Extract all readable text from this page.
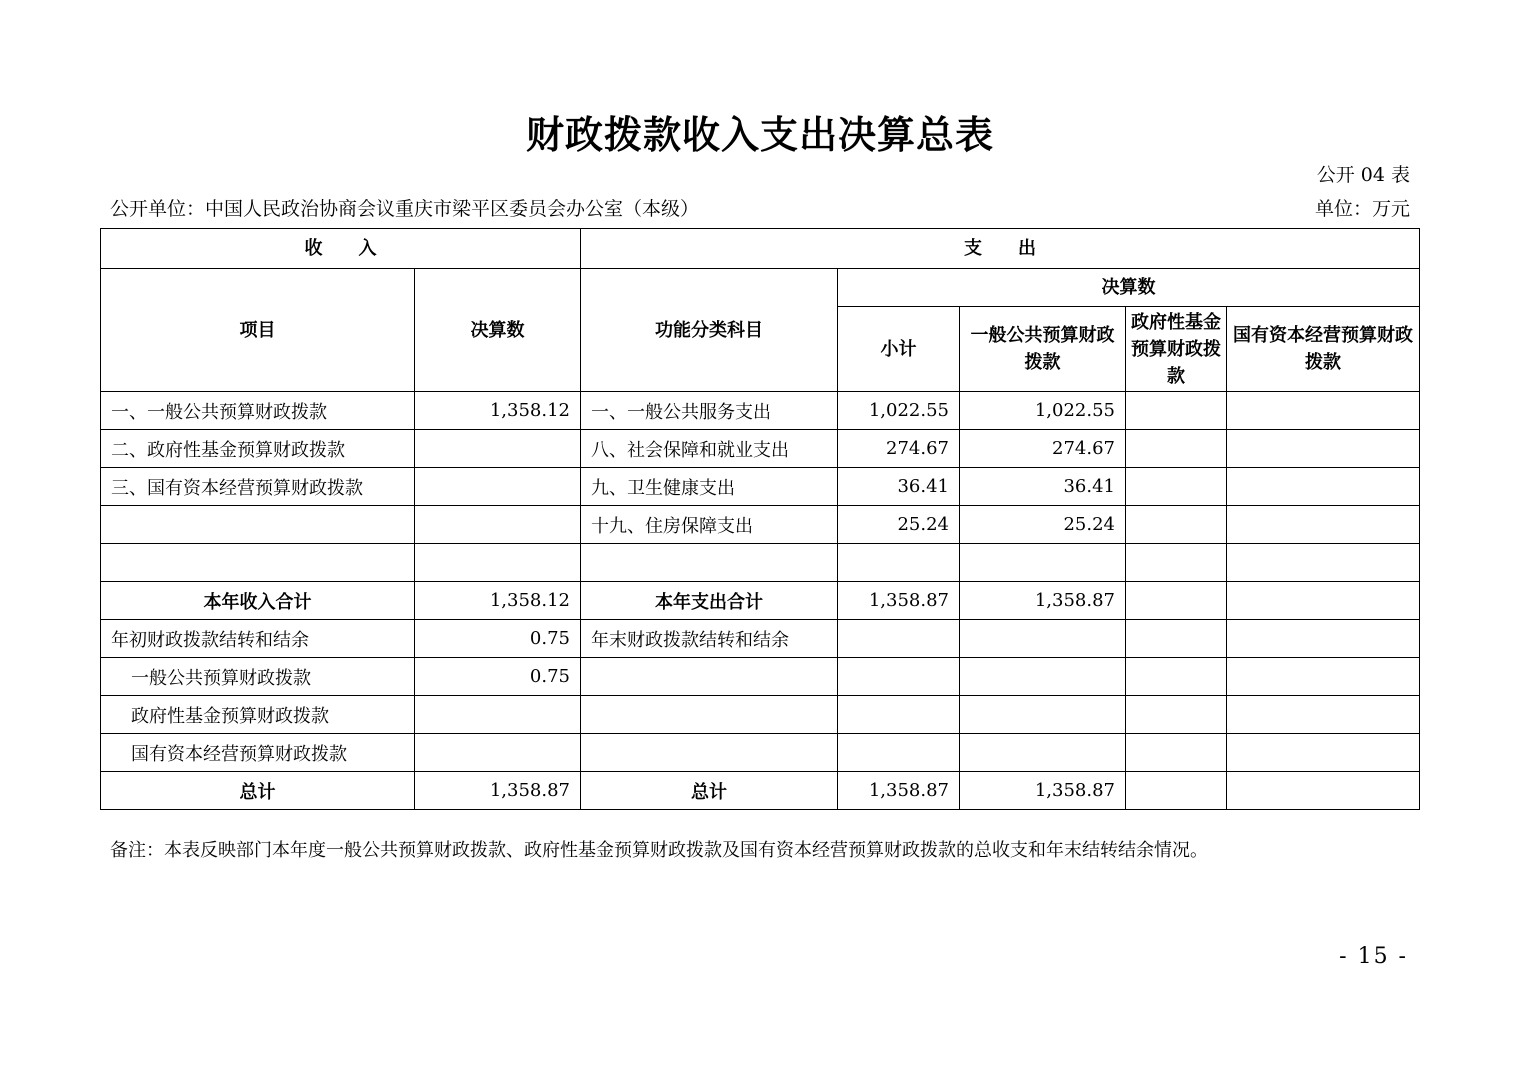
财政拨款收入支出决算总表
公开 04 表
公开单位：中国人民政治协商会议重庆市梁平区委员会办公室（本级）	单位：万元
收　　入		支　　出				
项目	决算数	功能分类科目	决算数			
			小计	一般公共预算财政拨款	政府性基金预算财政拨款	国有资本经营预算财政拨款
一、一般公共预算财政拨款	1,358.12	一、一般公共服务支出	1,022.55	1,022.55		
二、政府性基金预算财政拨款		八、社会保障和就业支出	274.67	274.67		
三、国有资本经营预算财政拨款		九、卫生健康支出	36.41	36.41		
		十九、住房保障支出	25.24	25.24		

本年收入合计	1,358.12	本年支出合计	1,358.87	1,358.87		
年初财政拨款结转和结余	0.75	年末财政拨款结转和结余				
一般公共预算财政拨款	0.75					
政府性基金预算财政拨款						
国有资本经营预算财政拨款						
总计	1,358.87	总计	1,358.87	1,358.87		
备注：本表反映部门本年度一般公共预算财政拨款、政府性基金预算财政拨款及国有资本经营预算财政拨款的总收支和年末结转结余情况。
- 15 -
